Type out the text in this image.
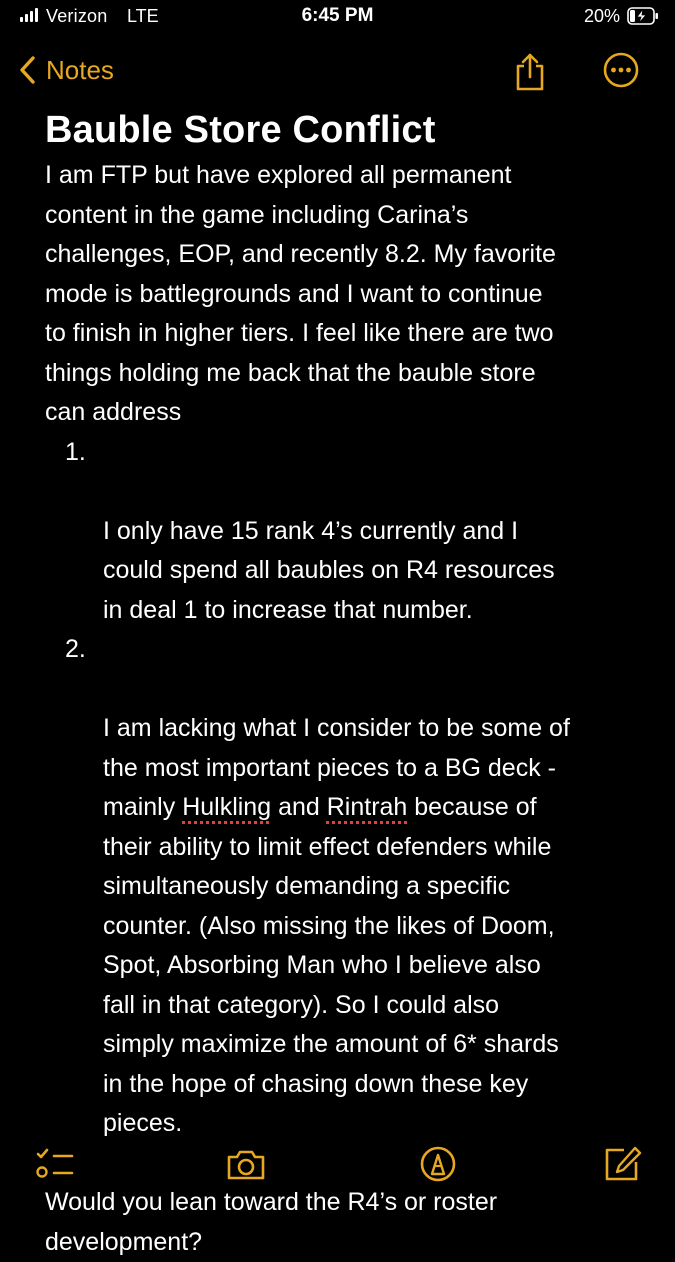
Verizon LTE	6:45 PM	20%
Notes
Bauble Store Conflict

I am FTP but have explored all permanent
content in the game including Carina’s
challenges, EOP, and recently 8.2. My favorite
mode is battlegrounds and I want to continue
to finish in higher tiers. I feel like there are two
things holding me back that the bauble store
can address

1.

I only have 15 rank 4’s currently and I
could spend all baubles on R4 resources
in deal 1 to increase that number.

2.

I am lacking what I consider to be some of
the most important pieces to a BG deck -
mainly Hulkling and Rintrah because of
their ability to limit effect defenders while
simultaneously demanding a specific
counter. (Also missing the likes of Doom,
Spot, Absorbing Man who I believe also
fall in that category). So I could also
simply maximize the amount of 6* shards
in the hope of chasing down these key
pieces.

Would you lean toward the R4’s or roster
development?
